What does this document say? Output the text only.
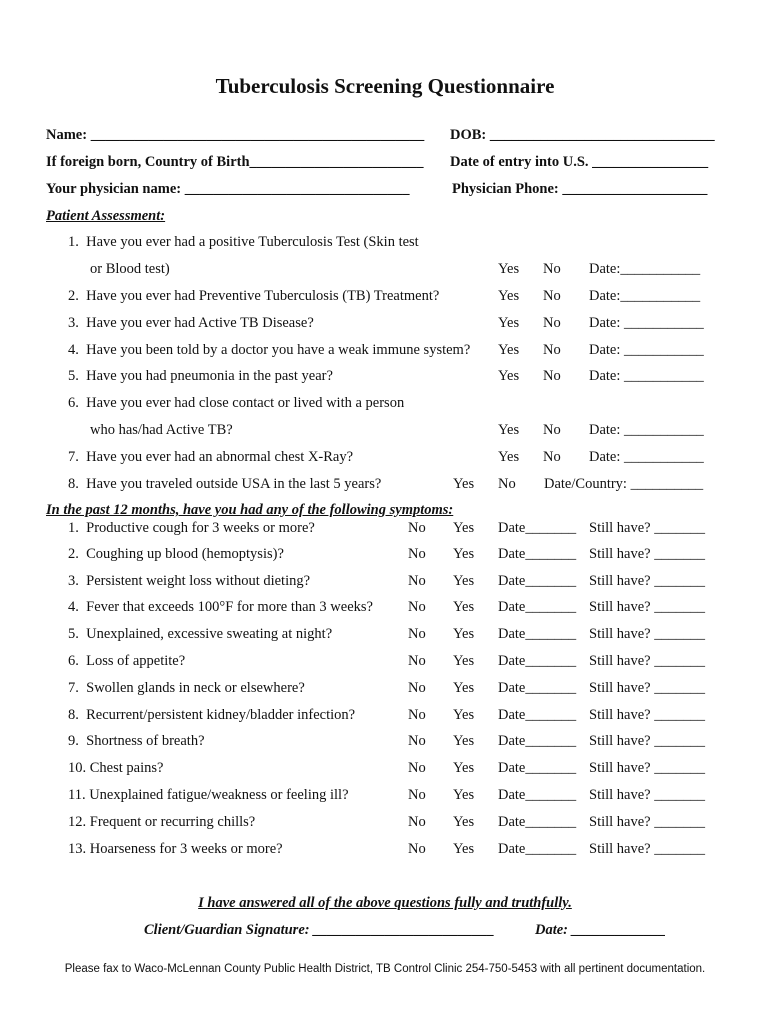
Tuberculosis Screening Questionnaire
Name: ______________________________________________ DOB: _______________________________
If foreign born, Country of Birth________________________ Date of entry into U.S. ________________
Your physician name: _______________________________	Physician Phone: ____________________
Patient Assessment:
1.  Have you ever had a positive Tuberculosis Test (Skin test
or Blood test)	Yes No Date:___________
2.  Have you ever had Preventive Tuberculosis (TB) Treatment?	Yes No Date:___________
3.  Have you ever had Active TB Disease?	Yes No Date: ___________
4.  Have you been told by a doctor you have a weak immune system? Yes No Date: ___________
5.  Have you had pneumonia in the past year?	Yes No Date: ___________
6.  Have you ever had close contact or lived with a person
who has/had Active TB?	Yes No Date: ___________
7.  Have you ever had an abnormal chest X-Ray?	Yes No Date: ___________
8.  Have you traveled outside USA in the last 5 years?	Yes No Date/Country: __________
In the past 12 months, have you had any of the following symptoms:
1.  Productive cough for 3 weeks or more?	No Yes Date_______ Still have? _______
2.  Coughing up blood (hemoptysis)?	No Yes Date_______ Still have? _______
3.  Persistent weight loss without dieting?	No Yes Date_______ Still have? _______
4.  Fever that exceeds 100°F for more than 3 weeks? No Yes Date_______ Still have? _______
5.  Unexplained, excessive sweating at night?	No Yes Date_______ Still have? _______
6.  Loss of appetite?	No Yes Date_______ Still have? _______
7.  Swollen glands in neck or elsewhere?	No Yes Date_______ Still have? _______
8.  Recurrent/persistent kidney/bladder infection?	No Yes Date_______ Still have? _______
9.  Shortness of breath?	No Yes Date_______ Still have? _______
10. Chest pains?	No Yes Date_______ Still have? _______
11. Unexplained fatigue/weakness or feeling ill?	No Yes Date_______ Still have? _______
12. Frequent or recurring chills?	No Yes Date_______ Still have? _______
13. Hoarseness for 3 weeks or more?	No Yes Date_______ Still have? _______
I have answered all of the above questions fully and truthfully.
Client/Guardian Signature: _________________________	Date: _____________
Please fax to Waco-McLennan County Public Health District, TB Control Clinic 254-750-5453 with all pertinent documentation.
